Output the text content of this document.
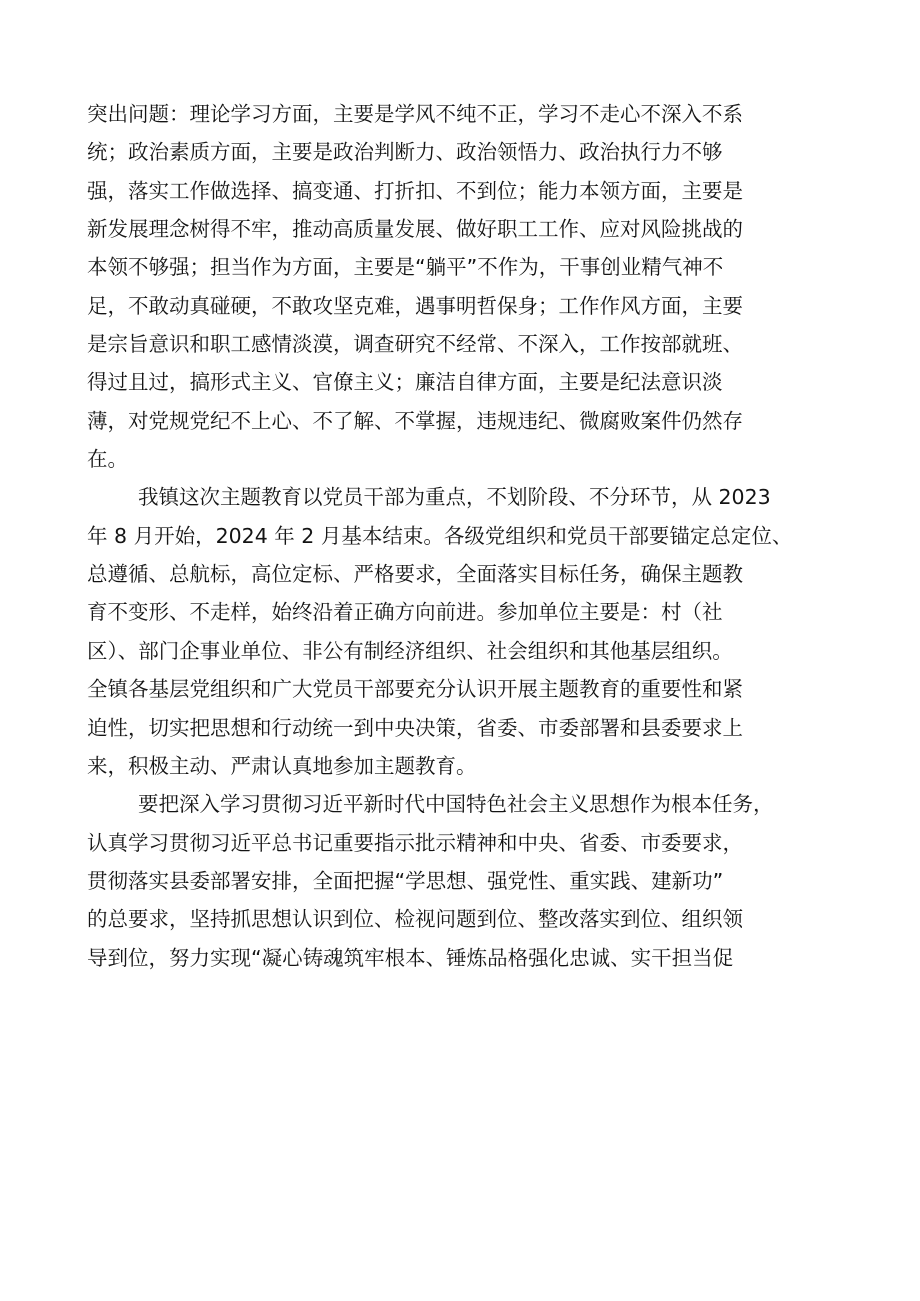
突出问题：理论学习方面，主要是学风不纯不正，学习不走心不深入不系
统；政治素质方面，主要是政治判断力、政治领悟力、政治执行力不够
强，落实工作做选择、搞变通、打折扣、不到位；能力本领方面，主要是
新发展理念树得不牢，推动高质量发展、做好职工工作、应对风险挑战的
本领不够强；担当作为方面，主要是“躺平”不作为，干事创业精气神不
足，不敢动真碰硬，不敢攻坚克难，遇事明哲保身；工作作风方面，主要
是宗旨意识和职工感情淡漠，调查研究不经常、不深入，工作按部就班、
得过且过，搞形式主义、官僚主义；廉洁自律方面，主要是纪法意识淡
薄，对党规党纪不上心、不了解、不掌握，违规违纪、微腐败案件仍然存
在。
我镇这次主题教育以党员干部为重点，不划阶段、不分环节，从 2023
年 8 月开始，2024 年 2 月基本结束。各级党组织和党员干部要锚定总定位、
总遵循、总航标，高位定标、严格要求，全面落实目标任务，确保主题教
育不变形、不走样，始终沿着正确方向前进。参加单位主要是：村（社
区）、部门企事业单位、非公有制经济组织、社会组织和其他基层组织。
全镇各基层党组织和广大党员干部要充分认识开展主题教育的重要性和紧
迫性，切实把思想和行动统一到中央决策，省委、市委部署和县委要求上
来，积极主动、严肃认真地参加主题教育。
要把深入学习贯彻习近平新时代中国特色社会主义思想作为根本任务，
认真学习贯彻习近平总书记重要指示批示精神和中央、省委、市委要求，
贯彻落实县委部署安排，全面把握“学思想、强党性、重实践、建新功”
的总要求，坚持抓思想认识到位、检视问题到位、整改落实到位、组织领
导到位，努力实现“凝心铸魂筑牢根本、锤炼品格强化忠诚、实干担当促
